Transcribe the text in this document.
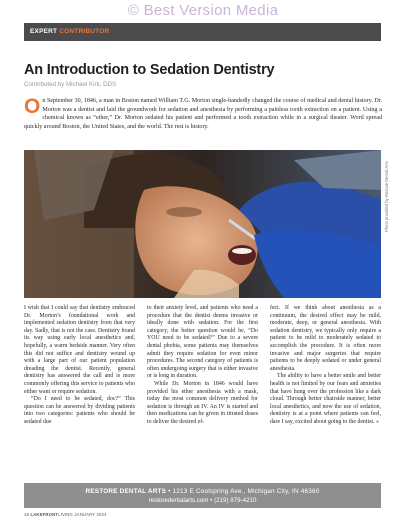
© Best Version Media
EXPERT CONTRIBUTOR
An Introduction to Sedation Dentistry
Contributed by Michael Kirk, DDS
O n September 30, 1846, a man in Boston named William T.G. Morton single-handedly changed the course of medical and dental history. Dr. Morton was a dentist and laid the groundwork for sedation and anesthesia by performing a painless tooth extraction on a patient. Using a chemical known as “ether,” Dr. Morton sedated his patient and performed a tooth extraction while in a surgical theater. Word spread quickly around Boston, the United States, and the world. The rest is history.
Photo provided by Roscoe Dental Arts

I wish that I could say that dentistry embraced Dr. Morton’s foundational work and implemented sedation dentistry from that very day. Sadly, that is not the case. Dentistry found its way using early local anesthetics and, hopefully, a warm bedside manner. Very often this did not suffice and dentistry wound up with a large part of our patient population dreading the dentist. Recently, general dentistry has answered the call and is more commonly offering this service to patients who either want or require sedation.

“Do I need to be sedated, doc?” This question can be answered by dividing patients into two categories: patients who should be sedated due

to their anxiety level, and patients who need a procedure that the dentist deems invasive or ideally done with sedation. For the first category, the better question would be, “Do YOU need to be sedated?” Due to a severe dental phobia, some patients may themselves admit they require sedation for even minor procedures. The second category of patients is often undergoing surgery that is either invasive or is long in duration.

While Dr. Morton in 1846 would have provided his ether anesthesia with a mask, today the most common delivery method for sedation is through an IV. An IV is started and then medications can be given in titrated doses to deliver the desired ef-

fect. If we think about anesthesia as a continuum, the desired effect may be mild, moderate, deep, or general anesthesia. With sedation dentistry, we typically only require a patient to be mild to moderately sedated to accomplish the procedure. It is often more invasive and major surgeries that require patients to be deeply sedated or under general anesthesia.

The ability to have a better smile and better health is not limited by our fears and anxieties that have hung over the profession like a dark cloud. Through better chairside manner, better local anesthetics, and now the use of sedation, dentistry is at a point where patients can feel, dare I say, excited about going to the dentist. ●

RESTORE DENTAL ARTS • 1213 E Coolspring Ave., Michigan City, IN 46360
restoredentalarts.com • (219) 879-4210
18 LAKEFRONTLIVING JANUARY 2024
